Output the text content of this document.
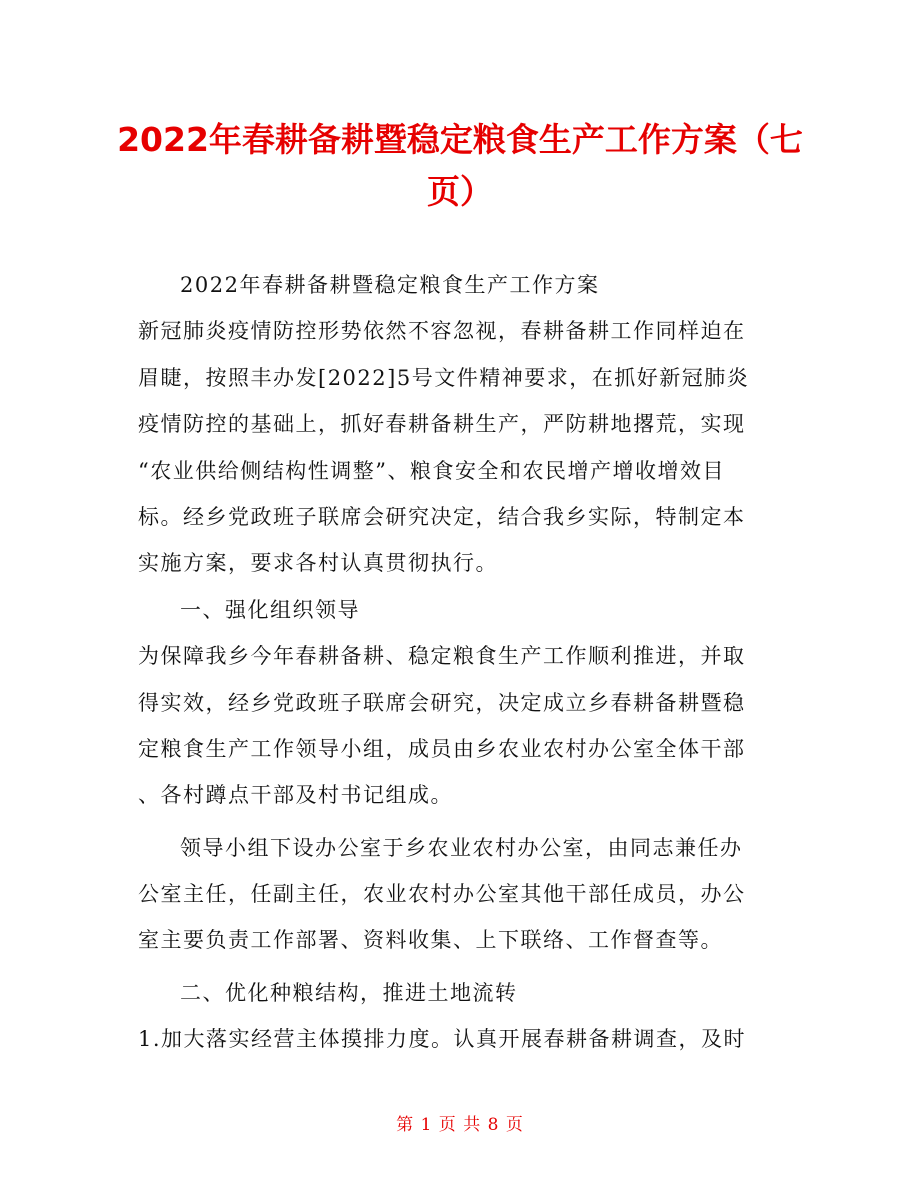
2022年春耕备耕暨稳定粮食生产工作方案（七
页）
2022年春耕备耕暨稳定粮食生产工作方案
新冠肺炎疫情防控形势依然不容忽视，春耕备耕工作同样迫在
眉睫，按照丰办发[2022]5号文件精神要求，在抓好新冠肺炎
疫情防控的基础上，抓好春耕备耕生产，严防耕地撂荒，实现
“农业供给侧结构性调整”、粮食安全和农民增产增收增效目
标。经乡党政班子联席会研究决定，结合我乡实际，特制定本
实施方案，要求各村认真贯彻执行。
一、强化组织领导
为保障我乡今年春耕备耕、稳定粮食生产工作顺利推进，并取
得实效，经乡党政班子联席会研究，决定成立乡春耕备耕暨稳
定粮食生产工作领导小组，成员由乡农业农村办公室全体干部
、各村蹲点干部及村书记组成。
领导小组下设办公室于乡农业农村办公室，由同志兼任办
公室主任，任副主任，农业农村办公室其他干部任成员，办公
室主要负责工作部署、资料收集、上下联络、工作督查等。
二、优化种粮结构，推进土地流转
1.加大落实经营主体摸排力度。认真开展春耕备耕调查，及时
第 1 页 共 8 页
